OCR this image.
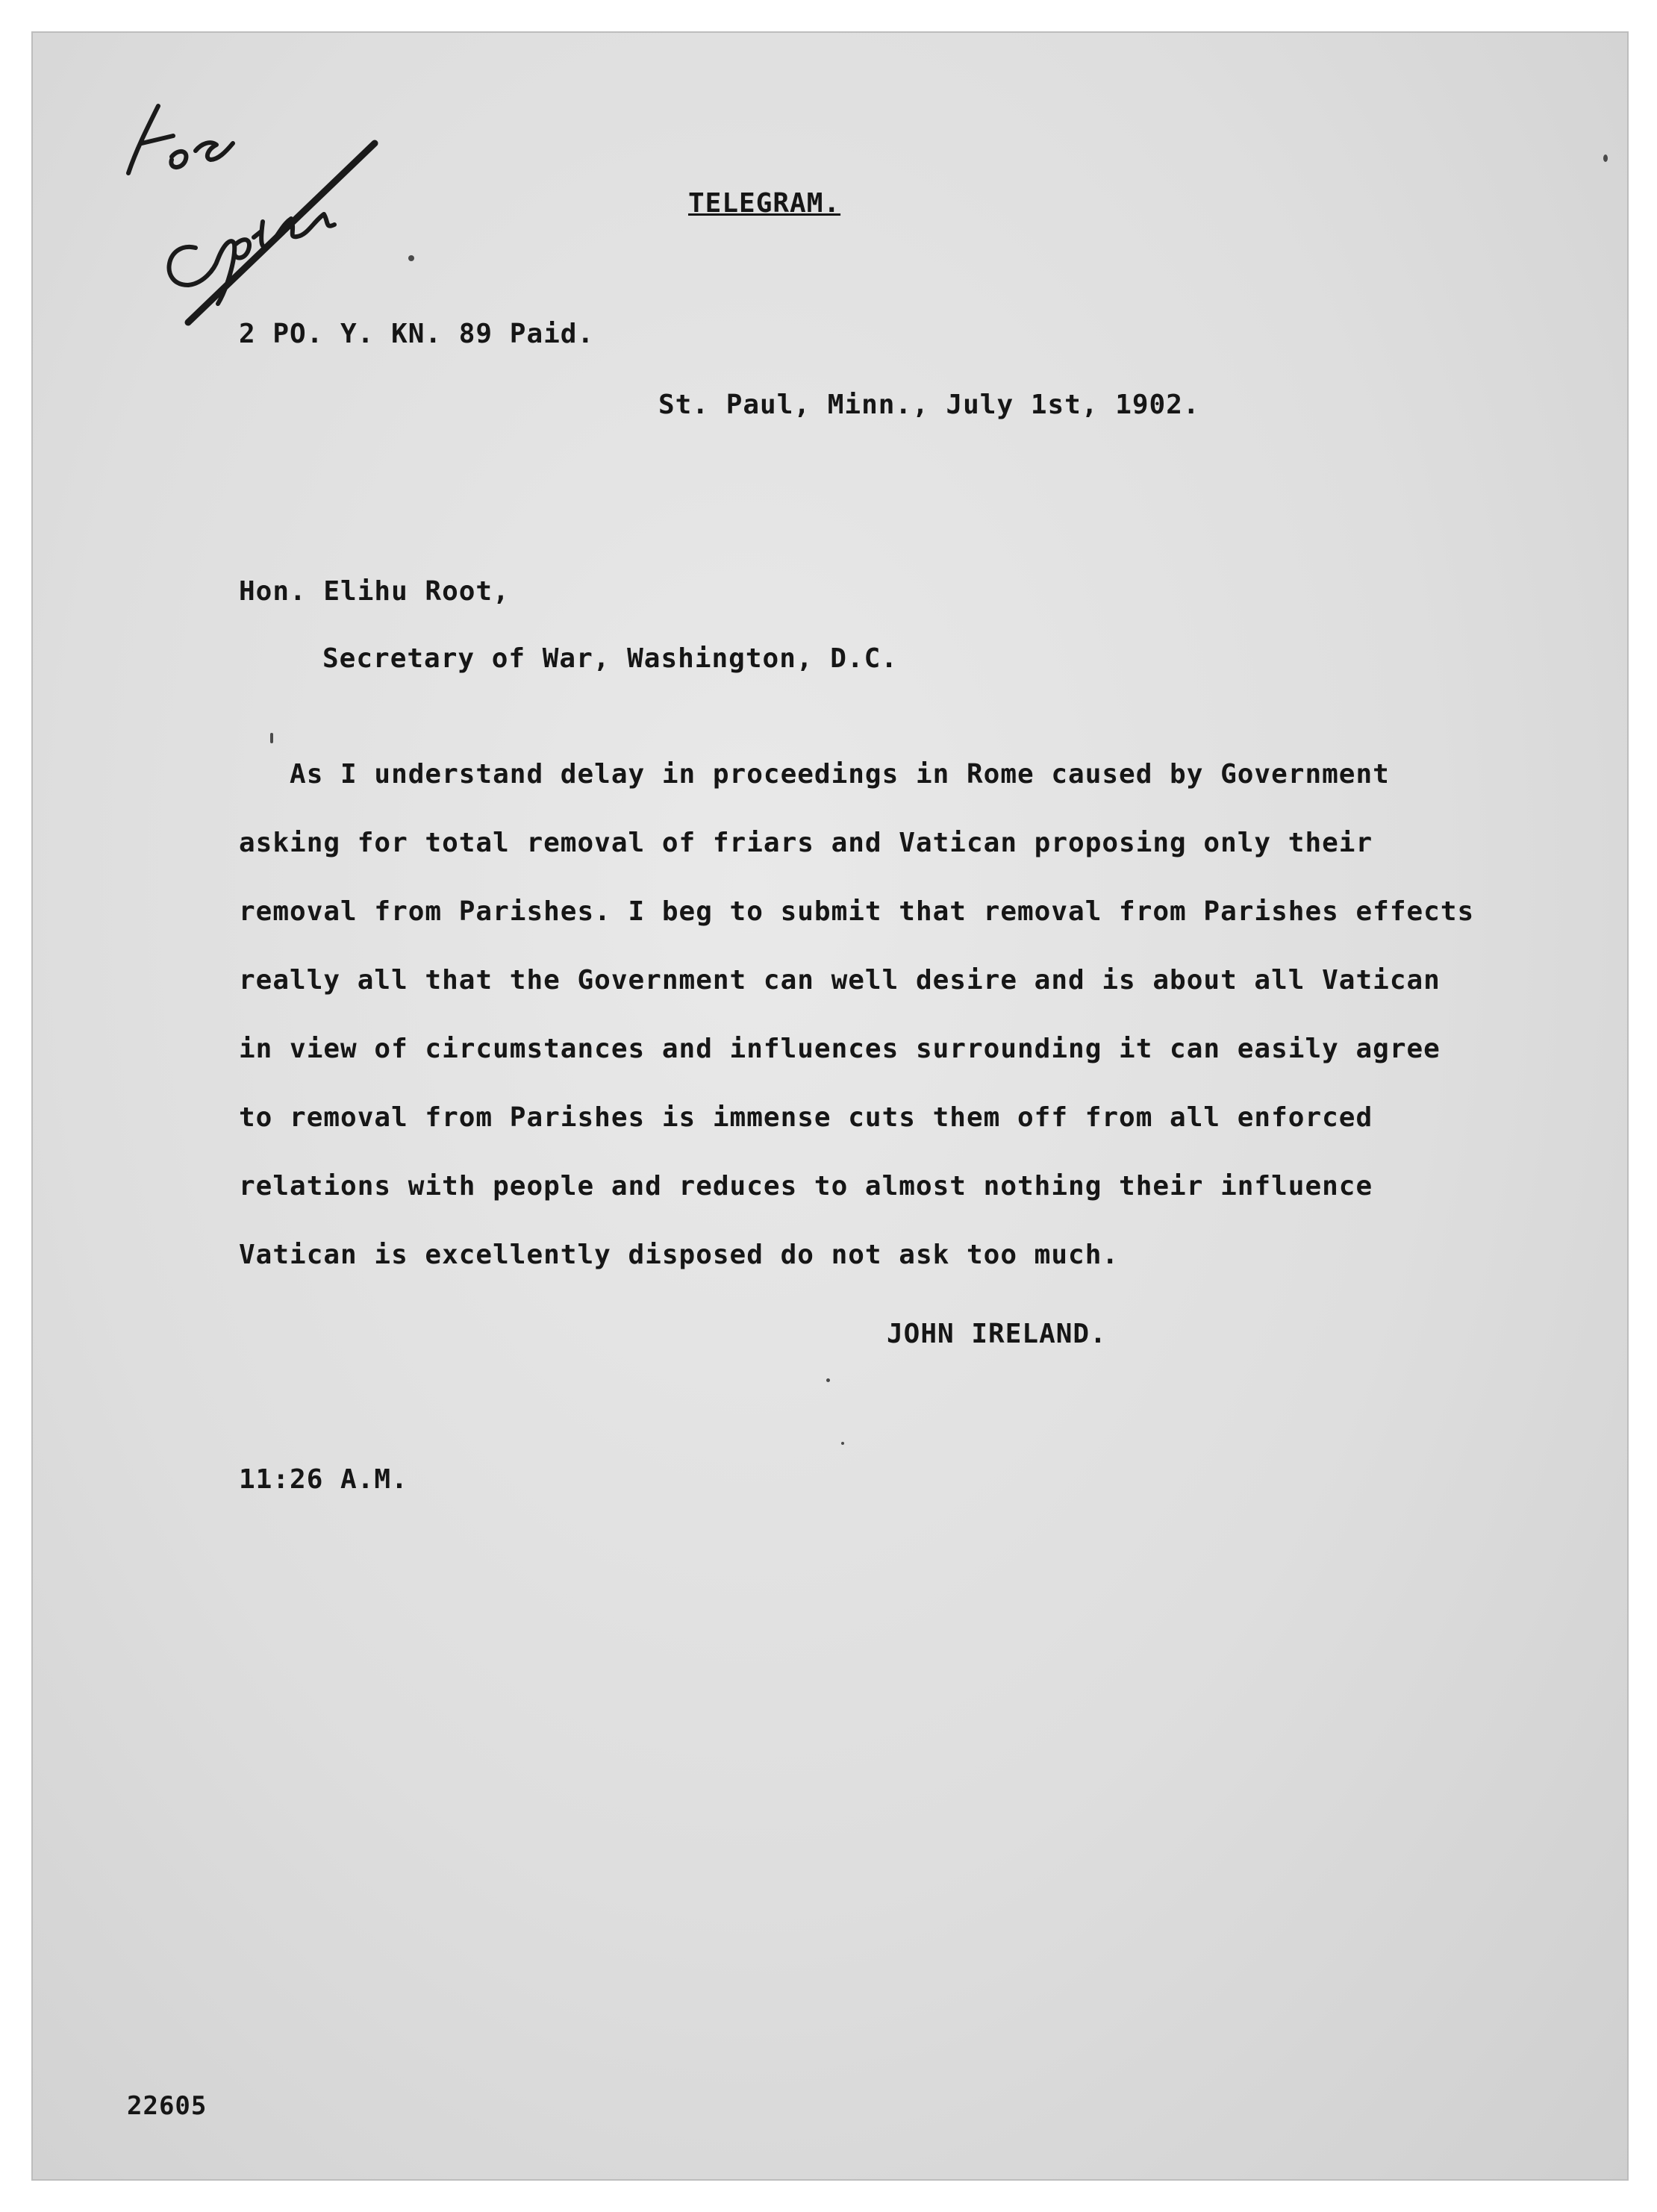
TELEGRAM.

2 PO. Y. KN. 89 Paid.

St. Paul, Minn., July 1st, 1902.

Hon. Elihu Root,

Secretary of War, Washington, D.C.

As I understand delay in proceedings in Rome caused by Government
asking for total removal of friars and Vatican proposing only their
removal from Parishes. I beg to submit that removal from Parishes effects
really all that the Government can well desire and is about all Vatican
in view of circumstances and influences surrounding it can easily agree
to removal from Parishes is immense cuts them off from all enforced
relations with people and reduces to almost nothing their influence
Vatican is excellently disposed do not ask too much.

JOHN IRELAND.

11:26 A.M.

22605
